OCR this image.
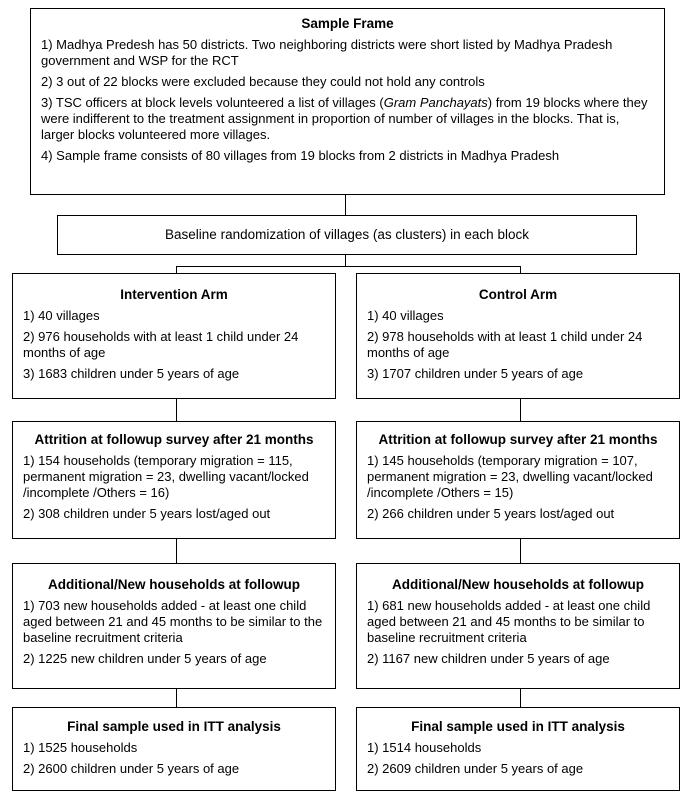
Sample Frame
1) Madhya Predesh has 50 districts. Two neighboring districts were short listed by Madhya Pradesh government and WSP for the RCT
2) 3 out of 22 blocks were excluded because they could not hold any controls
3) TSC officers at block levels volunteered a list of villages (Gram Panchayats) from 19 blocks where they were indifferent to the treatment assignment in proportion of number of villages in the blocks. That is, larger blocks volunteered more villages.
4) Sample frame consists of 80 villages from 19 blocks from 2 districts in Madhya Pradesh
Baseline randomization of villages (as clusters) in each block
Intervention Arm
1) 40 villages
2) 976 households with at least 1 child under 24 months of age
3) 1683 children under 5 years of age
Control Arm
1) 40 villages
2) 978 households with at least 1 child under 24 months of age
3) 1707 children under 5 years of age
Attrition at followup survey after 21 months
1) 154 households (temporary migration = 115, permanent migration = 23, dwelling vacant/locked /incomplete /Others = 16)
2) 308 children under 5 years lost/aged out
Attrition at followup survey after 21 months
1) 145 households (temporary migration = 107, permanent migration = 23, dwelling vacant/locked /incomplete /Others = 15)
2) 266 children under 5 years lost/aged out
Additional/New households at followup
1) 703 new households added - at least one child aged between 21 and 45 months to be similar to the baseline recruitment criteria
2) 1225 new children under 5 years of age
Additional/New households at followup
1) 681 new households added - at least one child aged between 21 and 45 months to be similar to baseline recruitment criteria
2) 1167 new children under 5 years of age
Final sample used in ITT analysis
1) 1525 households
2) 2600 children under 5 years of age
Final sample used in ITT analysis
1) 1514 households
2) 2609 children under 5 years of age
